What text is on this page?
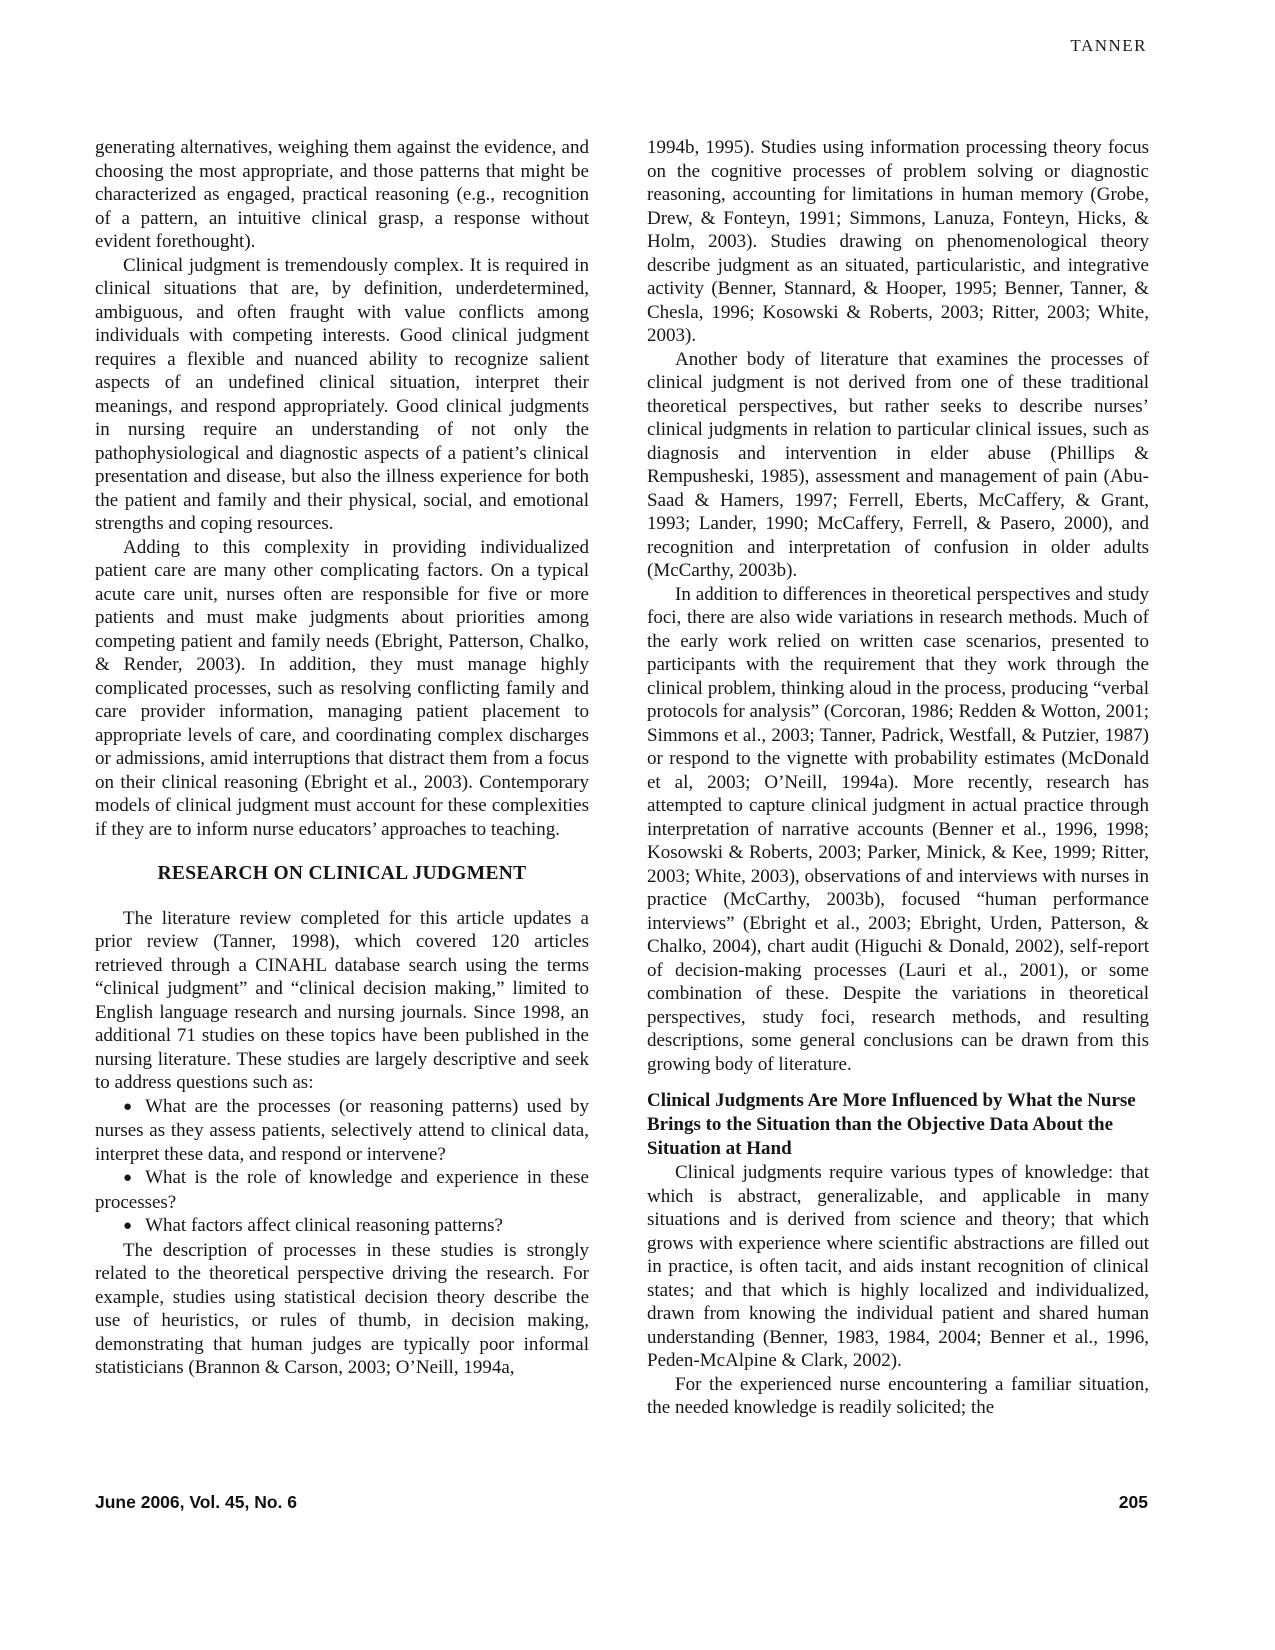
TANNER

generating alternatives, weighing them against the evidence, and choosing the most appropriate, and those patterns that might be characterized as engaged, practical reasoning (e.g., recognition of a pattern, an intuitive clinical grasp, a response without evident forethought).

Clinical judgment is tremendously complex. It is required in clinical situations that are, by definition, underdetermined, ambiguous, and often fraught with value conflicts among individuals with competing interests. Good clinical judgment requires a flexible and nuanced ability to recognize salient aspects of an undefined clinical situation, interpret their meanings, and respond appropriately. Good clinical judgments in nursing require an understanding of not only the pathophysiological and diagnostic aspects of a patient’s clinical presentation and disease, but also the illness experience for both the patient and family and their physical, social, and emotional strengths and coping resources.

Adding to this complexity in providing individualized patient care are many other complicating factors. On a typical acute care unit, nurses often are responsible for five or more patients and must make judgments about priorities among competing patient and family needs (Ebright, Patterson, Chalko, & Render, 2003). In addition, they must manage highly complicated processes, such as resolving conflicting family and care provider information, managing patient placement to appropriate levels of care, and coordinating complex discharges or admissions, amid interruptions that distract them from a focus on their clinical reasoning (Ebright et al., 2003). Contemporary models of clinical judgment must account for these complexities if they are to inform nurse educators’ approaches to teaching.

RESEARCH ON CLINICAL JUDGMENT

The literature review completed for this article updates a prior review (Tanner, 1998), which covered 120 articles retrieved through a CINAHL database search using the terms “clinical judgment” and “clinical decision making,” limited to English language research and nursing journals. Since 1998, an additional 71 studies on these topics have been published in the nursing literature. These studies are largely descriptive and seek to address questions such as:

● What are the processes (or reasoning patterns) used by nurses as they assess patients, selectively attend to clinical data, interpret these data, and respond or intervene?

● What is the role of knowledge and experience in these processes?

● What factors affect clinical reasoning patterns?

The description of processes in these studies is strongly related to the theoretical perspective driving the research. For example, studies using statistical decision theory describe the use of heuristics, or rules of thumb, in decision making, demonstrating that human judges are typically poor informal statisticians (Brannon & Carson, 2003; O’Neill, 1994a,

1994b, 1995). Studies using information processing theory focus on the cognitive processes of problem solving or diagnostic reasoning, accounting for limitations in human memory (Grobe, Drew, & Fonteyn, 1991; Simmons, Lanuza, Fonteyn, Hicks, & Holm, 2003). Studies drawing on phenomenological theory describe judgment as an situated, particularistic, and integrative activity (Benner, Stannard, & Hooper, 1995; Benner, Tanner, & Chesla, 1996; Kosowski & Roberts, 2003; Ritter, 2003; White, 2003).

Another body of literature that examines the processes of clinical judgment is not derived from one of these traditional theoretical perspectives, but rather seeks to describe nurses’ clinical judgments in relation to particular clinical issues, such as diagnosis and intervention in elder abuse (Phillips & Rempusheski, 1985), assessment and management of pain (Abu-Saad & Hamers, 1997; Ferrell, Eberts, McCaffery, & Grant, 1993; Lander, 1990; McCaffery, Ferrell, & Pasero, 2000), and recognition and interpretation of confusion in older adults (McCarthy, 2003b).

In addition to differences in theoretical perspectives and study foci, there are also wide variations in research methods. Much of the early work relied on written case scenarios, presented to participants with the requirement that they work through the clinical problem, thinking aloud in the process, producing “verbal protocols for analysis” (Corcoran, 1986; Redden & Wotton, 2001; Simmons et al., 2003; Tanner, Padrick, Westfall, & Putzier, 1987) or respond to the vignette with probability estimates (McDonald et al, 2003; O’Neill, 1994a). More recently, research has attempted to capture clinical judgment in actual practice through interpretation of narrative accounts (Benner et al., 1996, 1998; Kosowski & Roberts, 2003; Parker, Minick, & Kee, 1999; Ritter, 2003; White, 2003), observations of and interviews with nurses in practice (McCarthy, 2003b), focused “human performance interviews” (Ebright et al., 2003; Ebright, Urden, Patterson, & Chalko, 2004), chart audit (Higuchi & Donald, 2002), self-report of decision-making processes (Lauri et al., 2001), or some combination of these. Despite the variations in theoretical perspectives, study foci, research methods, and resulting descriptions, some general conclusions can be drawn from this growing body of literature.

Clinical Judgments Are More Influenced by What the Nurse Brings to the Situation than the Objective Data About the Situation at Hand

Clinical judgments require various types of knowledge: that which is abstract, generalizable, and applicable in many situations and is derived from science and theory; that which grows with experience where scientific abstractions are filled out in practice, is often tacit, and aids instant recognition of clinical states; and that which is highly localized and individualized, drawn from knowing the individual patient and shared human understanding (Benner, 1983, 1984, 2004; Benner et al., 1996, Peden-McAlpine & Clark, 2002).

For the experienced nurse encountering a familiar situation, the needed knowledge is readily solicited; the

June 2006, Vol. 45, No. 6	205
